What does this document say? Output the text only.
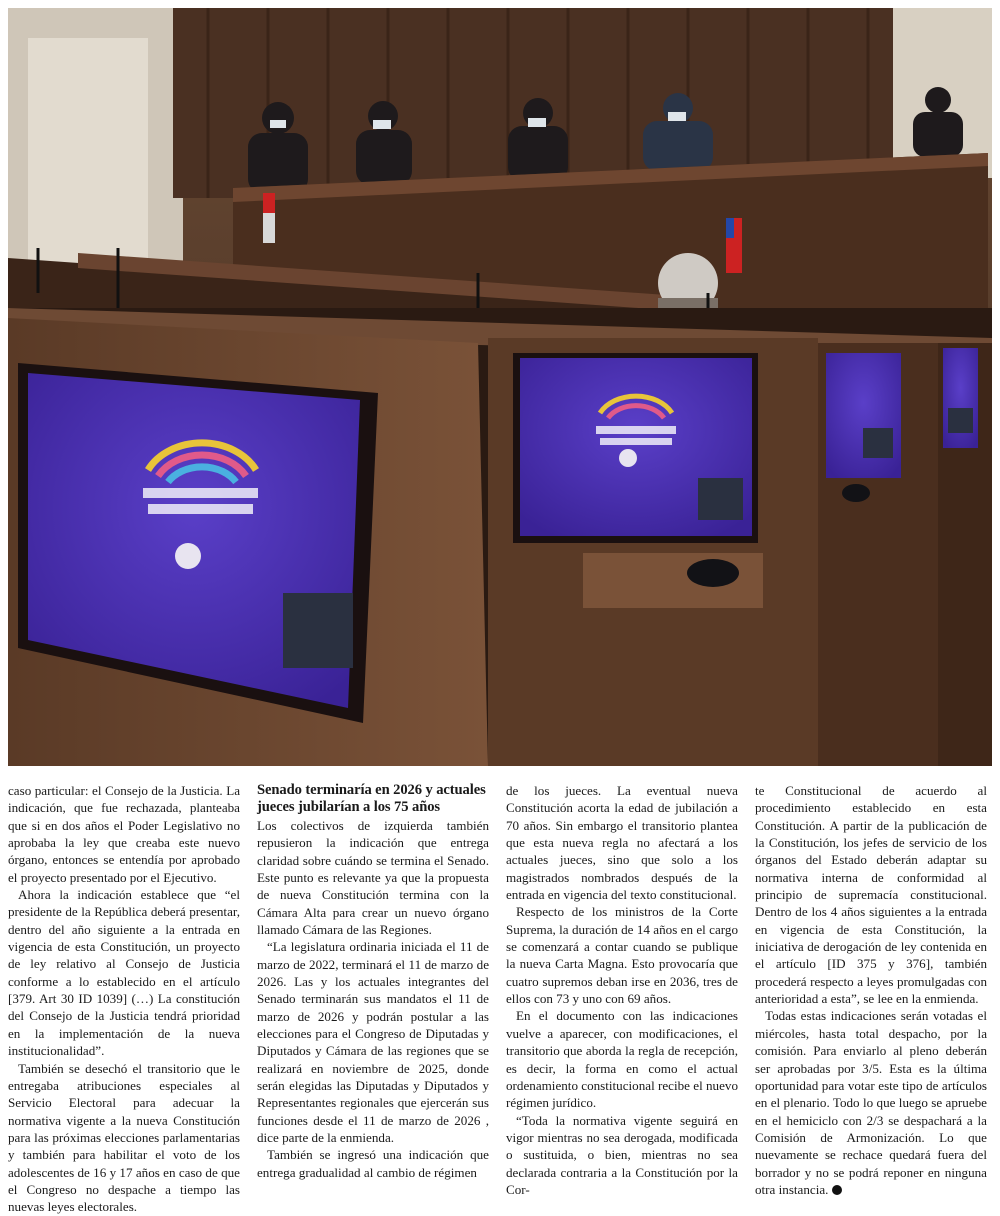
caso particular: el Consejo de la Justicia. La indicación, que fue rechazada, planteaba que si en dos años el Poder Legislativo no aprobaba la ley que creaba este nuevo órgano, entonces se entendía por aprobado el proyecto presentado por el Ejecutivo.

Ahora la indicación establece que “el presidente de la República deberá presentar, dentro del año siguiente a la entrada en vigencia de esta Constitución, un proyecto de ley relativo al Consejo de Justicia conforme a lo establecido en el artículo [379. Art 30 ID 1039] (…) La constitución del Consejo de la Justicia tendrá prioridad en la implementación de la nueva institucionalidad”.

También se desechó el transitorio que le entregaba atribuciones especiales al Servicio Electoral para adecuar la normativa vigente a la nueva Constitución para las próximas elecciones parlamentarias y también para habilitar el voto de los adolescentes de 16 y 17 años en caso de que el Congreso no despache a tiempo las nuevas leyes electorales.

Senado terminaría en 2026 y actuales jueces jubilarían a los 75 años

Los colectivos de izquierda también repusieron la indicación que entrega claridad sobre cuándo se termina el Senado. Este punto es relevante ya que la propuesta de nueva Constitución termina con la Cámara Alta para crear un nuevo órgano llamado Cámara de las Regiones.

“La legislatura ordinaria iniciada el 11 de marzo de 2022, terminará el 11 de marzo de 2026. Las y los actuales integrantes del Senado terminarán sus mandatos el 11 de marzo de 2026 y podrán postular a las elecciones para el Congreso de Diputadas y Diputados y Cámara de las regiones que se realizará en noviembre de 2025, donde serán elegidas las Diputadas y Diputados y Representantes regionales que ejercerán sus funciones desde el 11 de marzo de 2026 , dice parte de la enmienda.

También se ingresó una indicación que entrega gradualidad al cambio de régimen

de los jueces. La eventual nueva Constitución acorta la edad de jubilación a 70 años. Sin embargo el transitorio plantea que esta nueva regla no afectará a los actuales jueces, sino que solo a los magistrados nombrados después de la entrada en vigencia del texto constitucional.

Respecto de los ministros de la Corte Suprema, la duración de 14 años en el cargo se comenzará a contar cuando se publique la nueva Carta Magna. Esto provocaría que cuatro supremos deban irse en 2036, tres de ellos con 73 y uno con 69 años.

En el documento con las indicaciones vuelve a aparecer, con modificaciones, el transitorio que aborda la regla de recepción, es decir, la forma en como el actual ordenamiento constitucional recibe el nuevo régimen jurídico.

“Toda la normativa vigente seguirá en vigor mientras no sea derogada, modificada o sustituida, o bien, mientras no sea declarada contraria a la Constitución por la Cor-

te Constitucional de acuerdo al procedimiento establecido en esta Constitución. A partir de la publicación de la Constitución, los jefes de servicio de los órganos del Estado deberán adaptar su normativa interna de conformidad al principio de supremacía constitucional. Dentro de los 4 años siguientes a la entrada en vigencia de esta Constitución, la iniciativa de derogación de ley contenida en el artículo [ID 375 y 376], también procederá respecto a leyes promulgadas con anterioridad a esta”, se lee en la enmienda.

Todas estas indicaciones serán votadas el miércoles, hasta total despacho, por la comisión. Para enviarlo al pleno deberán ser aprobadas por 3/5. Esta es la última oportunidad para votar este tipo de artículos en el plenario. Todo lo que luego se apruebe en el hemiciclo con 2/3 se despachará a la Comisión de Armonización. Lo que nuevamente se rechace quedará fuera del borrador y no se podrá reponer en ninguna otra instancia.
